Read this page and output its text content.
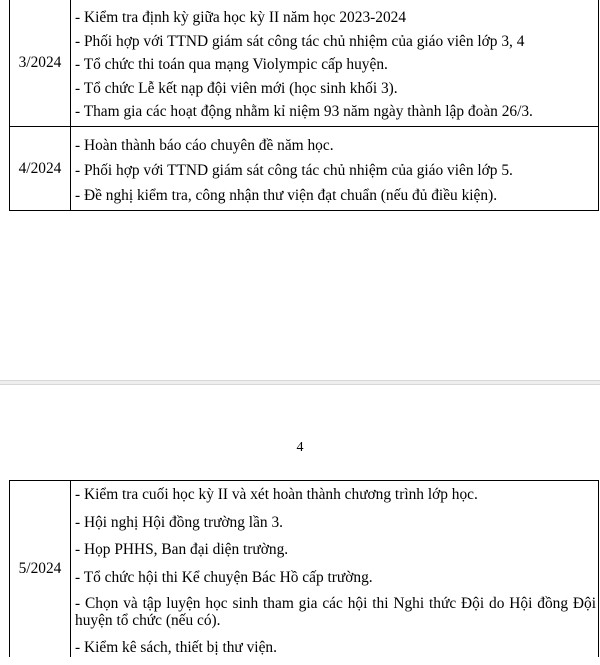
3/2024	- Kiểm tra định kỳ giữa học kỳ II năm học 2023-2024
- Phối hợp với TTND giám sát công tác chủ nhiệm của giáo viên lớp 3, 4
- Tổ chức thi toán qua mạng Violympic cấp huyện.
- Tổ chức Lễ kết nạp đội viên mới (học sinh khối 3).
- Tham gia các hoạt động nhằm kỉ niệm 93 năm ngày thành lập đoàn 26/3.

4/2024	- Hoàn thành báo cáo chuyên đề năm học.
- Phối hợp với TTND giám sát công tác chủ nhiệm của giáo viên lớp 5.
- Đề nghị kiểm tra, công nhận thư viện đạt chuẩn (nếu đủ điều kiện).
4
5/2024	
- Kiểm tra cuối học kỳ II và xét hoàn thành chương trình lớp học.
- Hội nghị Hội đồng trường lần 3.
- Họp PHHS, Ban đại diện trường.
- Tổ chức hội thi Kể chuyện Bác Hồ cấp trường.
- Chọn và tập luyện học sinh tham gia các hội thi Nghi thức Đội do Hội đồng Đội huyện tổ chức (nếu có).
- Kiểm kê sách, thiết bị thư viện.
